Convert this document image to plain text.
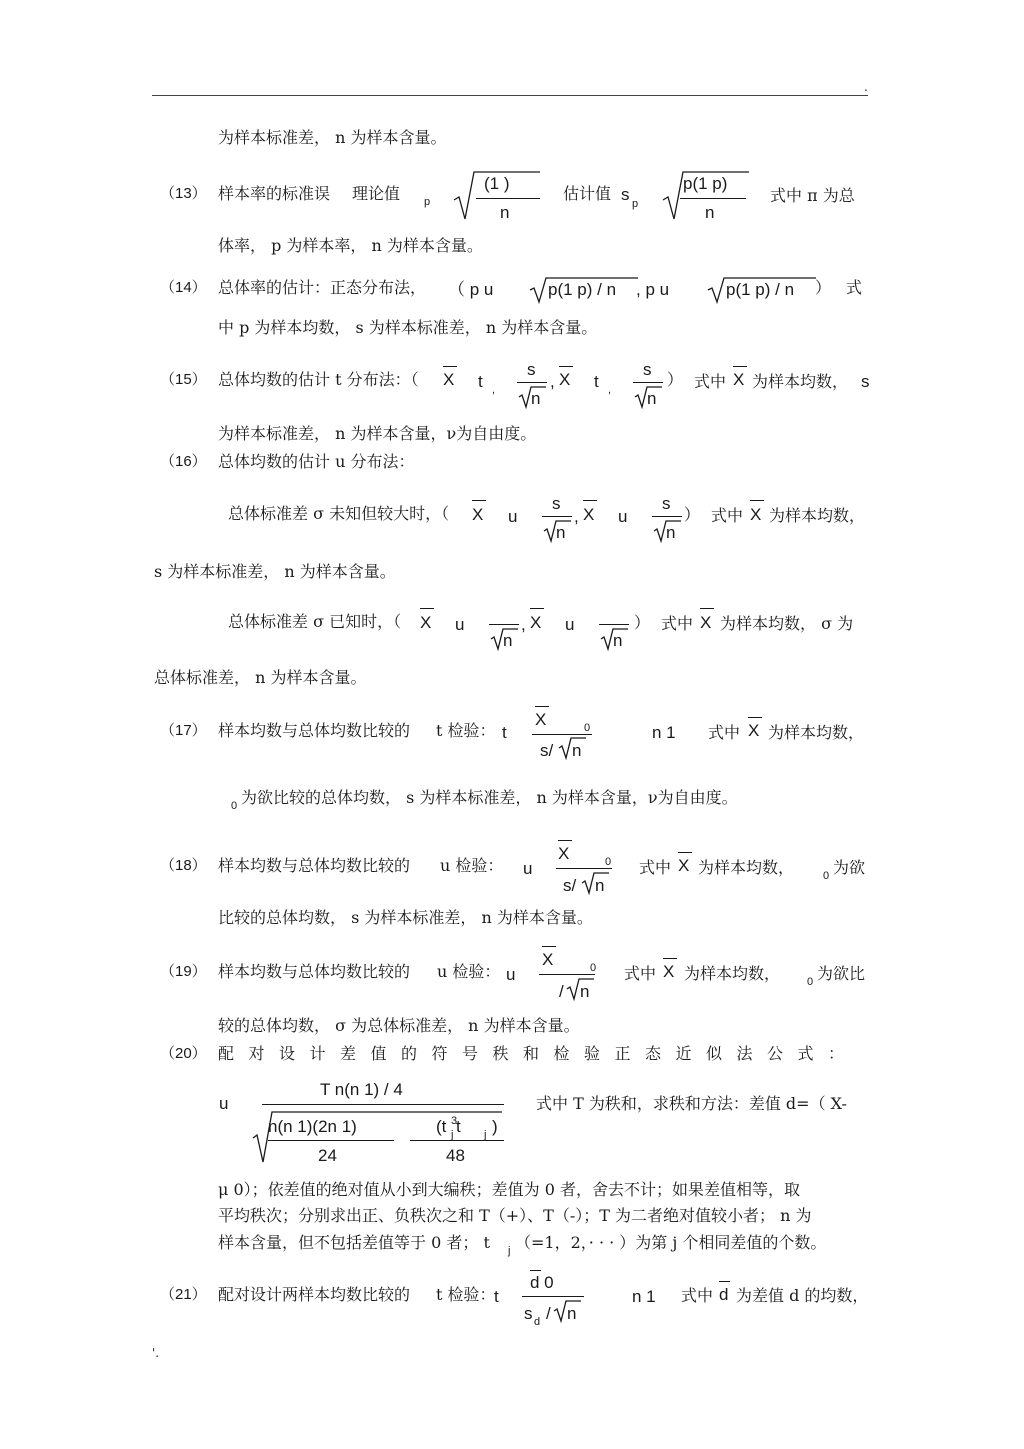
.
为样本标准差， n 为样本含量。
（13） 样本率的标准误 理论值 p
(1 )
n
估计值 s p
p(1 p)
n
式中 π 为总
体率， p 为样本率， n 为样本含量。
（14） 总体率的估计：正态分布法， （ p u	p(1 p) / n , p u	p(1 p) / n ） 式
中 p 为样本均数， s 为样本标准差， n 为样本含量。
（15） 总体均数的估计 t 分布法：（ X t ,
s
n
, X t ,
s
n
） 式中 X 为样本均数， s
为样本标准差， n 为样本含量，ν为自由度。
（16） 总体均数的估计 u 分布法：
总体标准差 σ 未知但较大时，（ X u
s
n
, X u
s
n
） 式中 X 为样本均数，
s 为样本标准差， n 为样本含量。
总体标准差 σ 已知时，（ X u
n
, X u
n
） 式中 X 为样本均数， σ 为
总体标准差， n 为样本含量。
（17） 样本均数与总体均数比较的 t 检验： t
X	0
s/ n
n 1 式中 X 为样本均数，
0 为欲比较的总体均数， s 为样本标准差， n 为样本含量，ν为自由度。
（18） 样本均数与总体均数比较的 u 检验： u
X	0
s/ n
式中 X 为样本均数，	0 为欲
比较的总体均数， s 为样本标准差， n 为样本含量。
（19） 样本均数与总体均数比较的 u 检验： u
X	0
/ n
式中 X 为样本均数， 0 为欲比
较的总体均数， σ 为总体标准差， n 为样本含量。
（20） 配对设计差值的符号秩和检验正态近似法公式：
u
T n(n 1) / 4
n(n 1)(2n 1)
24
(t 3
j t j )
48
式中 T 为秩和，求秩和方法：差值 d=（ X-
μ 0）；依差值的绝对值从小到大编秩；差值为 0 者，舍去不计；如果差值相等，取
平均秩次；分别求出正、负秩次之和 T（+）、T（-）；T 为二者绝对值较小者； n 为
样本含量，但不包括差值等于 0 者； t j （=1，2，· · · ）为第 j 个相同差值的个数。
（21） 配对设计两样本均数比较的 t 检验：
t
d 0
s d / n
n 1 式中 d 为差值 d 的均数，
'.
